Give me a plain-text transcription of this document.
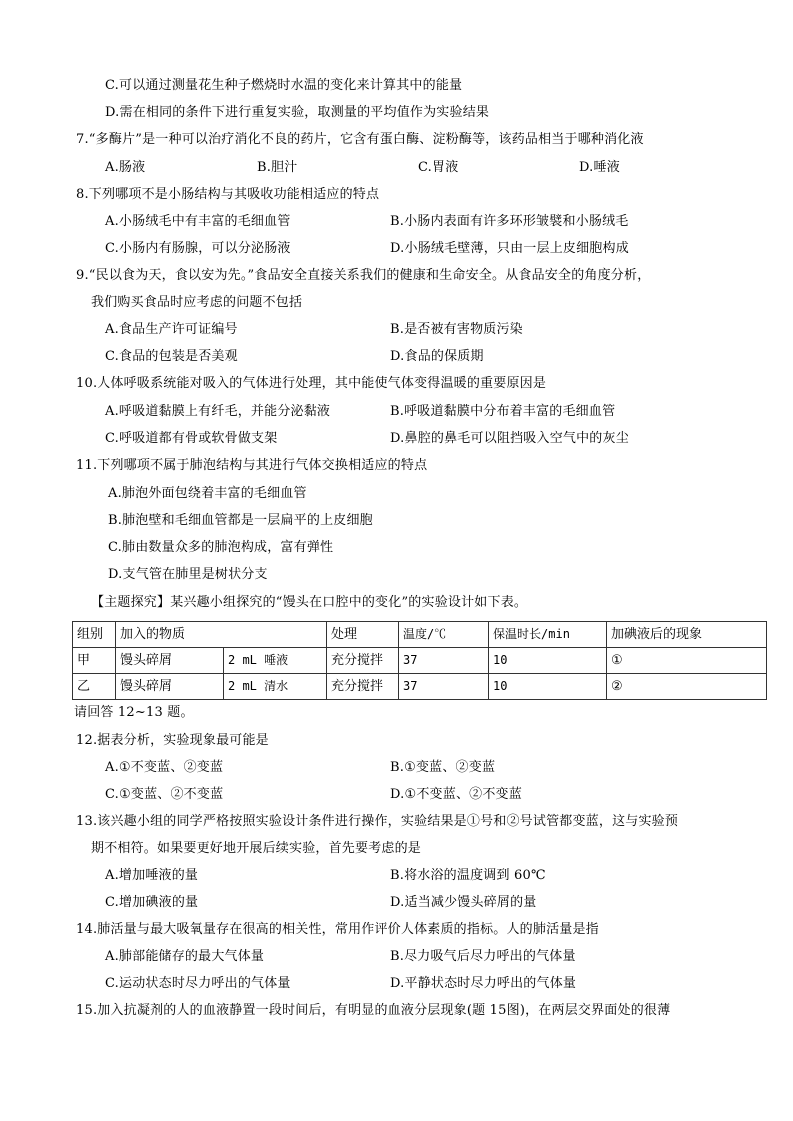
C.可以通过测量花生种子燃烧时水温的变化来计算其中的能量
D.需在相同的条件下进行重复实验，取测量的平均值作为实验结果
7.“多酶片”是一种可以治疗消化不良的药片，它含有蛋白酶、淀粉酶等，该药品相当于哪种消化液
A.肠液	B.胆汁	C.胃液	D.唾液
8.下列哪项不是小肠结构与其吸收功能相适应的特点
A.小肠绒毛中有丰富的毛细血管	B.小肠内表面有许多环形皱襞和小肠绒毛
C.小肠内有肠腺，可以分泌肠液	D.小肠绒毛壁薄，只由一层上皮细胞构成
9.“民以食为天，食以安为先。”食品安全直接关系我们的健康和生命安全。从食品安全的角度分析，
我们购买食品时应考虑的问题不包括
A.食品生产许可证编号	B.是否被有害物质污染
C.食品的包装是否美观	D.食品的保质期
10.人体呼吸系统能对吸入的气体进行处理，其中能使气体变得温暖的重要原因是
A.呼吸道黏膜上有纤毛，并能分泌黏液	B.呼吸道黏膜中分布着丰富的毛细血管
C.呼吸道都有骨或软骨做支架	D.鼻腔的鼻毛可以阻挡吸入空气中的灰尘
11.下列哪项不属于肺泡结构与其进行气体交换相适应的特点
A.肺泡外面包绕着丰富的毛细血管
B.肺泡壁和毛细血管都是一层扁平的上皮细胞
C.肺由数量众多的肺泡构成，富有弹性
D.支气管在肺里是树状分支
【主题探究】某兴趣小组探究的“馒头在口腔中的变化”的实验设计如下表。
组别	加入的物质		处理	温度/℃	保温时长/min	加碘液后的现象
甲	馒头碎屑	2 mL 唾液	充分搅拌	37	10	①
乙	馒头碎屑	2 mL 清水	充分搅拌	37	10	②
请回答 12~13 题。
12.据表分析，实验现象最可能是
A.①不变蓝、②变蓝	B.①变蓝、②变蓝
C.①变蓝、②不变蓝	D.①不变蓝、②不变蓝
13.该兴趣小组的同学严格按照实验设计条件进行操作，实验结果是①号和②号试管都变蓝，这与实验预
期不相符。如果要更好地开展后续实验，首先要考虑的是
A.增加唾液的量	B.将水浴的温度调到 60℃
C.增加碘液的量	D.适当减少馒头碎屑的量
14.肺活量与最大吸氧量存在很高的相关性，常用作评价人体素质的指标。人的肺活量是指
A.肺部能储存的最大气体量	B.尽力吸气后尽力呼出的气体量
C.运动状态时尽力呼出的气体量	D.平静状态时尽力呼出的气体量
15.加入抗凝剂的人的血液静置一段时间后，有明显的血液分层现象(题 15图)，在两层交界面处的很薄
